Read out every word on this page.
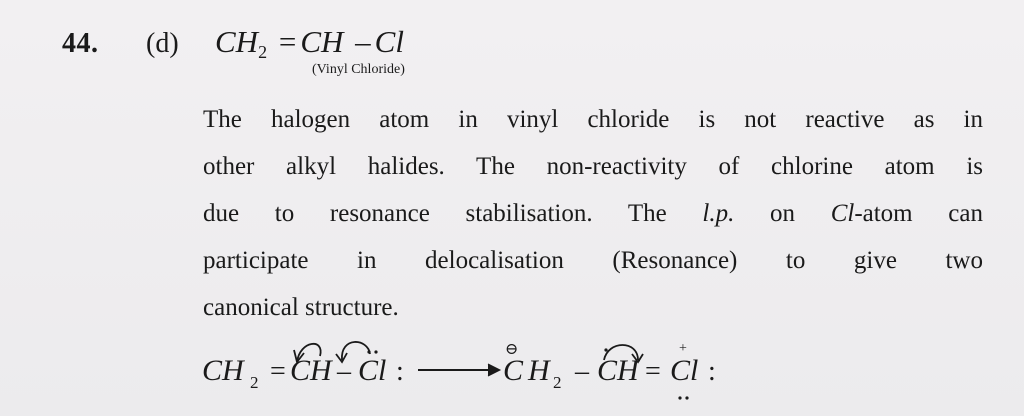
44. (d) $CH_2$ = CH – Cl
(Vinyl Chloride)
The halogen atom in vinyl chloride is not reactive as in
other alkyl halides. The non-reactivity of chlorine atom is
due to resonance stabilisation. The l.p. on Cl-atom can
participate in delocalisation (Resonance) to give two
canonical structure.
CH 2 = CH – Cl :
⊖
C H 2 – CH = Cl :
+
